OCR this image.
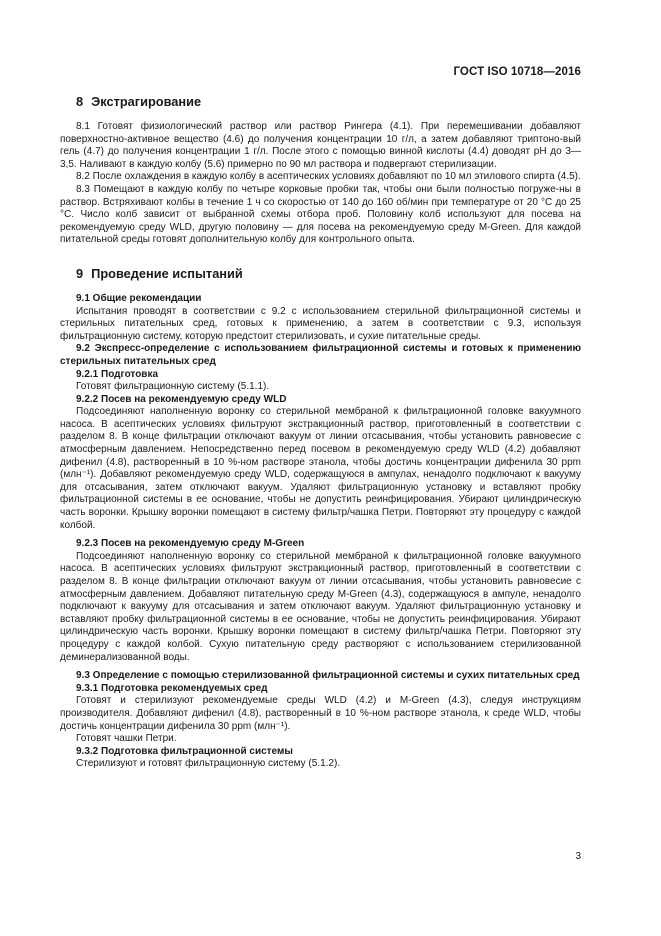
ГОСТ ISO 10718—2016
8 Экстрагирование

8.1 Готовят физиологический раствор или раствор Рингера (4.1). При перемешивании добавляют поверхностно-активное вещество (4.6) до получения концентрации 10 г/л, а затем добавляют триптоно-вый гель (4.7) до получения концентрации 1 г/л. После этого с помощью винной кислоты (4.4) доводят pH до 3—3,5. Наливают в каждую колбу (5.6) примерно по 90 мл раствора и подвергают стерилизации.

8.2 После охлаждения в каждую колбу в асептических условиях добавляют по 10 мл этилового спирта (4.5).

8.3 Помещают в каждую колбу по четыре корковые пробки так, чтобы они были полностью погруже-ны в раствор. Встряхивают колбы в течение 1 ч со скоростью от 140 до 160 об/мин при температуре от 20 °С до 25 °С. Число колб зависит от выбранной схемы отбора проб. Половину колб используют для посева на рекомендуемую среду WLD, другую половину — для посева на рекомендуемую среду M-Green. Для каждой питательной среды готовят дополнительную колбу для контрольного опыта.

9 Проведение испытаний

9.1 Общие рекомендации

Испытания проводят в соответствии с 9.2 с использованием стерильной фильтрационной системы и стерильных питательных сред, готовых к применению, а затем в соответствии с 9.3, используя фильтрационную систему, которую предстоит стерилизовать, и сухие питательные среды.

9.2 Экспресс-определение с использованием фильтрационной системы и готовых к применению стерильных питательных сред

9.2.1 Подготовка

Готовят фильтрационную систему (5.1.1).

9.2.2 Посев на рекомендуемую среду WLD

Подсоединяют наполненную воронку со стерильной мембраной к фильтрационной головке вакуумного насоса. В асептических условиях фильтруют экстракционный раствор, приготовленный в соответствии с разделом 8. В конце фильтрации отключают вакуум от линии отсасывания, чтобы установить равновесие с атмосферным давлением. Непосредственно перед посевом в рекомендуемую среду WLD (4.2) добавляют дифенил (4.8), растворенный в 10 %-ном растворе этанола, чтобы достичь концентрации дифенила 30 ppm (млн⁻¹). Добавляют рекомендуемую среду WLD, содержащуюся в ампулах, ненадолго подключают к вакууму для отсасывания, затем отключают вакуум. Удаляют фильтрационную установку и вставляют пробку фильтрационной системы в ее основание, чтобы не допустить реинфицирования. Убирают цилиндрическую часть воронки. Крышку воронки помещают в систему фильтр/чашка Петри. Повторяют эту процедуру с каждой колбой.

9.2.3 Посев на рекомендуемую среду M-Green

Подсоединяют наполненную воронку со стерильной мембраной к фильтрационной головке вакуумного насоса. В асептических условиях фильтруют экстракционный раствор, приготовленный в соответствии с разделом 8. В конце фильтрации отключают вакуум от линии отсасывания, чтобы установить равновесие с атмосферным давлением. Добавляют питательную среду M-Green (4.3), содержащуюся в ампуле, ненадолго подключают к вакууму для отсасывания и затем отключают вакуум. Удаляют фильтрационную установку и вставляют пробку фильтрационной системы в ее основание, чтобы не допустить реинфицирования. Убирают цилиндрическую часть воронки. Крышку воронки помещают в систему фильтр/чашка Петри. Повторяют эту процедуру с каждой колбой. Сухую питательную среду растворяют с использованием стерилизованной деминерализованной воды.

9.3 Определение с помощью стерилизованной фильтрационной системы и сухих питательных сред

9.3.1 Подготовка рекомендуемых сред

Готовят и стерилизуют рекомендуемые среды WLD (4.2) и M-Green (4.3), следуя инструкциям производителя. Добавляют дифенил (4.8), растворенный в 10 %-ном растворе этанола, к среде WLD, чтобы достичь концентрации дифенила 30 ppm (млн⁻¹).

Готовят чашки Петри.

9.3.2 Подготовка фильтрационной системы

Стерилизуют и готовят фильтрационную систему (5.1.2).

3
